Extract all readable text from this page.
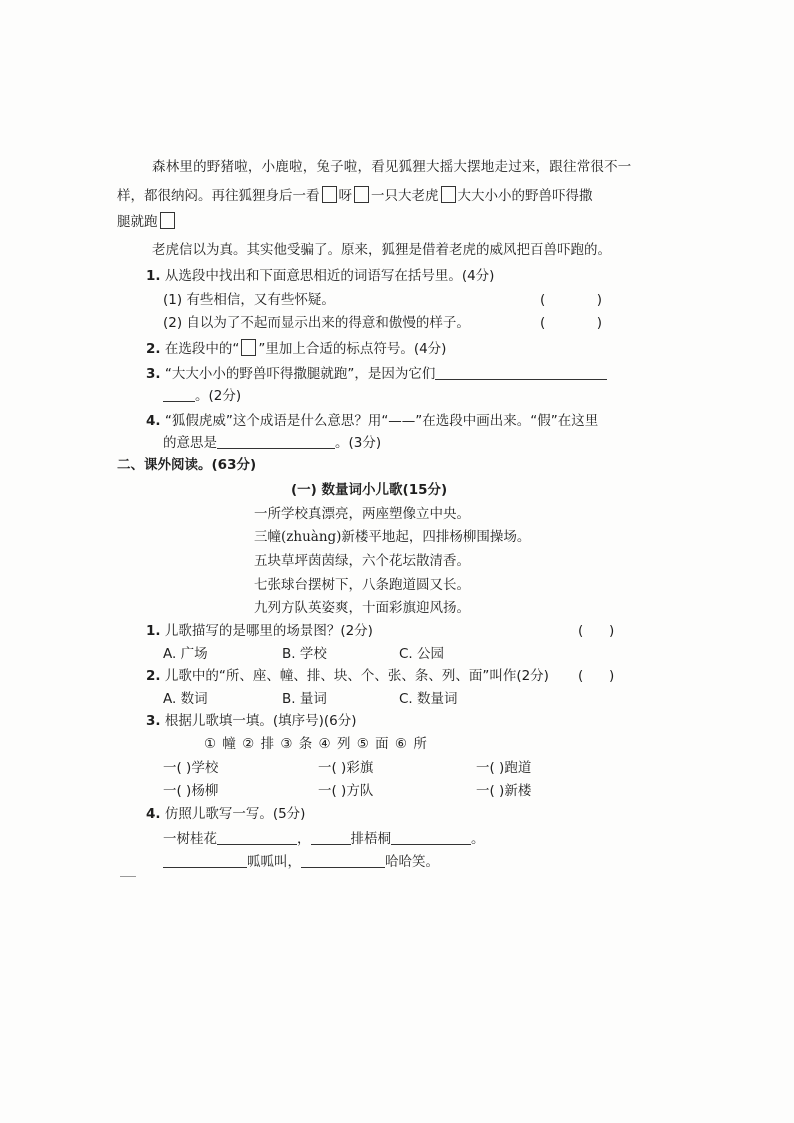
森林里的野猪啦，小鹿啦，兔子啦，看见狐狸大摇大摆地走过来，跟往常很不一
样，都很纳闷。再往狐狸身后一看 呀 一只大老虎 大大小小的野兽吓得撒
腿就跑
老虎信以为真。其实他受骗了。原来，狐狸是借着老虎的威风把百兽吓跑的。
1. 从选段中找出和下面意思相近的词语写在括号里。(4分)
(1) 有些相信，又有些怀疑。	(            )
(2) 自以为了不起而显示出来的得意和傲慢的样子。	(            )
2. 在选段中的“ ”里加上合适的标点符号。(4分)
3. “大大小小的野兽吓得撒腿就跑”，是因为它们
。(2分)
4. “狐假虎威”这个成语是什么意思？用“——”在选段中画出来。“假”在这里
的意思是	。(3分)
二、课外阅读。(63分)
(一) 数量词小儿歌(15分)
一所学校真漂亮，两座塑像立中央。
三幢(zhuàng)新楼平地起，四排杨柳围操场。
五块草坪茵茵绿，六个花坛散清香。
七张球台摆树下，八条跑道圆又长。
九列方队英姿爽，十面彩旗迎风扬。
1. 儿歌描写的是哪里的场景图？(2分)	(      )
A. 广场	B. 学校	C. 公园
2. 儿歌中的“所、座、幢、排、块、个、张、条、列、面”叫作(2分) (      )
A. 数词	B. 量词	C. 数量词
3. 根据儿歌填一填。(填序号)(6分)
① 幢 ② 排 ③ 条 ④ 列 ⑤ 面 ⑥ 所
一( )学校	一( )彩旗	一( )跑道
一( )杨柳	一( )方队	一( )新楼
4. 仿照儿歌写一写。(5分)
一树桂花	，	排梧桐	。
呱呱叫，	哈哈笑。
